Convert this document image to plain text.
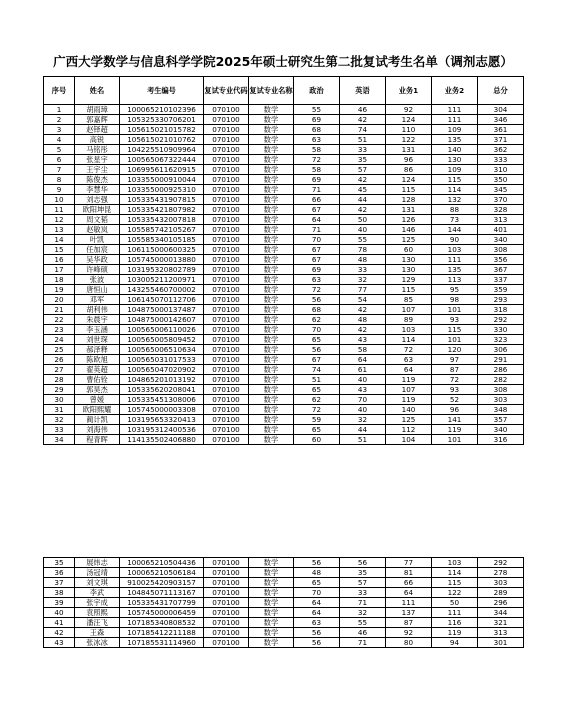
广西大学数学与信息科学学院2025年硕士研究生第二批复试考生名单（调剂志愿）
序号	姓名	考生编号	复试专业代码	复试专业名称	政治	英语	业务1	业务2	总分
1	胡雨璋	100065210102396	070100	数学	55	46	92	111	304
2	郭嘉辉	105325330706201	070100	数学	69	42	124	111	346
3	赵铎超	105615021015782	070100	数学	68	74	110	109	361
4	高锐	105615021010762	070100	数学	63	51	122	135	371
5	马铭彤	104225510909964	070100	数学	58	33	131	140	362
6	张星宇	100565067322444	070100	数学	72	35	96	130	333
7	王宇尘	106995611620915	070100	数学	58	57	86	109	310
8	陈俊杰	103355000910044	070100	数学	69	42	124	115	350
9	李慧华	103355000925310	070100	数学	71	45	115	114	345
10	刘志强	105335431907815	070100	数学	66	44	128	132	370
11	欧阳坤昆	105335421807982	070100	数学	67	42	131	88	328
12	周文韬	105335432007818	070100	数学	64	50	126	73	313
13	赵敏岚	105585742105267	070100	数学	71	40	146	144	401
14	叶凯	105585340105185	070100	数学	70	55	125	90	340
15	任加宸	106115000600325	070100	数学	67	78	60	103	308
16	吴华政	105745000013880	070100	数学	67	48	130	111	356
17	许峰硕	103195320802789	070100	数学	69	33	130	135	367
18	张波	103005211200971	070100	数学	63	32	129	113	337
19	唐恒山	143255460700002	070100	数学	72	77	115	95	359
20	邓军	106145070112706	070100	数学	56	54	85	98	293
21	胡利伟	104875000137487	070100	数学	68	42	107	101	318
22	朱晨宇	104875000142607	070100	数学	62	48	89	93	292
23	李玉涵	100565006110026	070100	数学	70	42	103	115	330
24	刘世琛	100565005809452	070100	数学	65	43	114	101	323
25	郝泽释	100565006510634	070100	数学	56	58	72	120	306
26	陈欧旭	100565031017533	070100	数学	67	64	63	97	291
27	翟英超	100565047020902	070100	数学	74	61	64	87	286
28	曹佑铨	104865201013192	070100	数学	51	40	119	72	282
29	郭昊杰	105335620208041	070100	数学	65	43	107	93	308
30	曾媛	105335451308006	070100	数学	62	70	119	52	303
31	欧阳熙耀	105745000003308	070100	数学	72	40	140	96	348
32	蔺计凯	103195653320413	070100	数学	59	32	125	141	357
33	刘海伟	103195312400536	070100	数学	65	44	112	119	340
34	程青晖	114135502406880	070100	数学	60	51	104	101	316
35	展炜志	100065210504436	070100	数学	56	56	77	103	292
36	汤冠靖	100065210506184	070100	数学	48	35	81	114	278
37	刘文琪	910025420903157	070100	数学	65	57	66	115	303
38	李武	104845071113167	070100	数学	70	33	64	122	289
39	张宇成	105335431707799	070100	数学	64	71	111	50	296
40	袁照熙	105745000006459	070100	数学	64	32	137	111	344
41	潘汪飞	107185340808532	070100	数学	63	55	87	116	321
42	王森	107185412211188	070100	数学	56	46	92	119	313
43	张冰冰	107185531114960	070100	数学	56	71	80	94	301
